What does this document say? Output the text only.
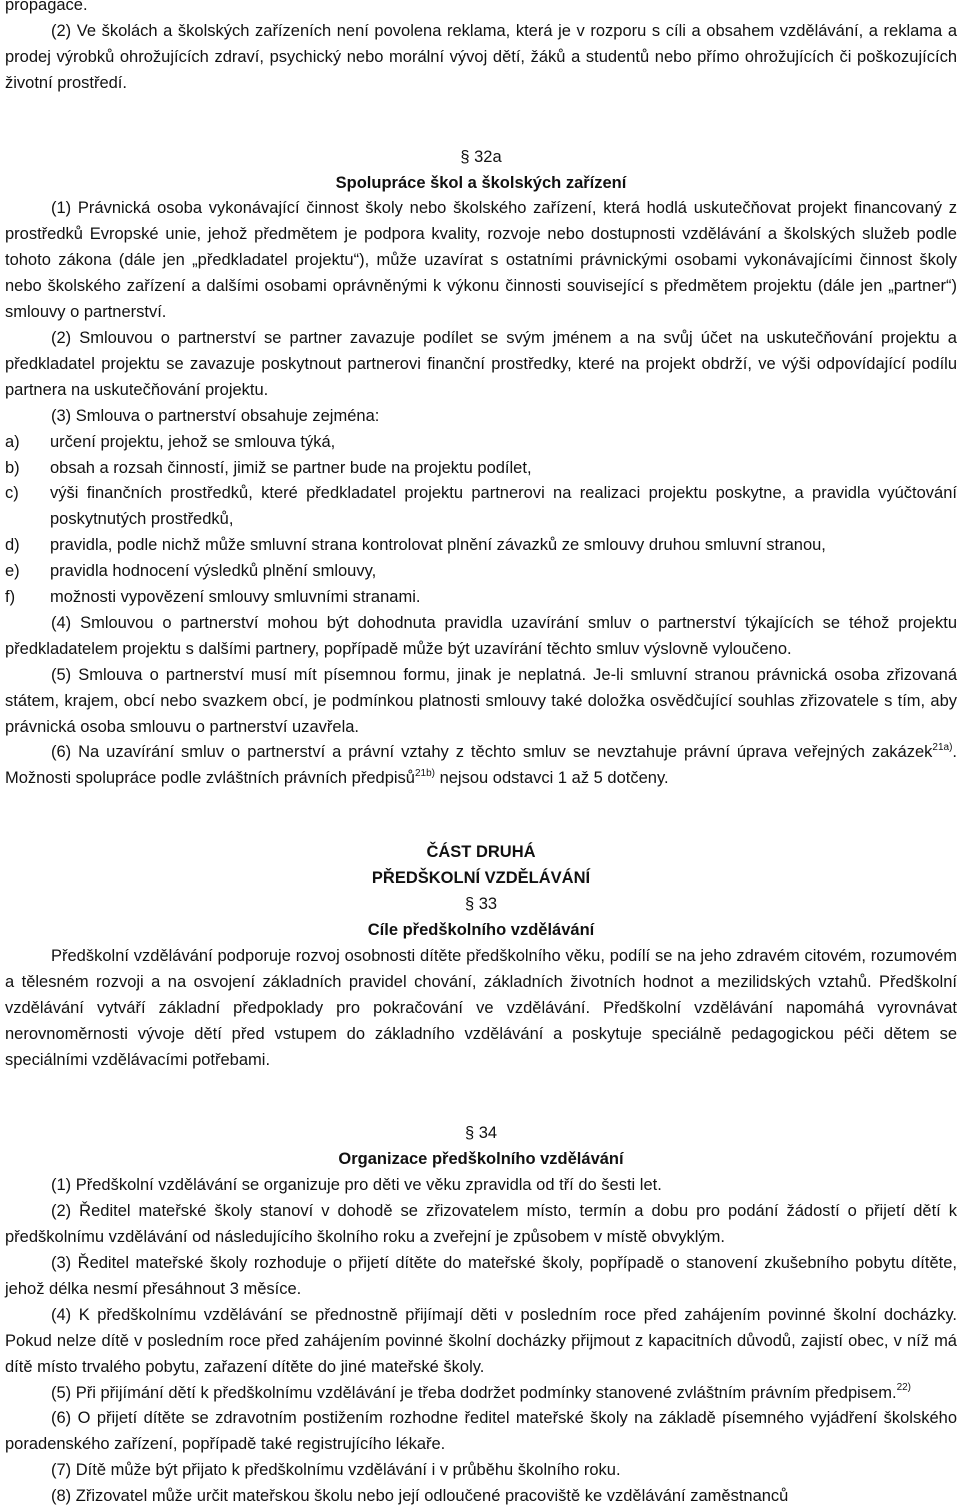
propagace.

(2) Ve školách a školských zařízeních není povolena reklama, která je v rozporu s cíli a obsahem vzdělávání, a reklama a prodej výrobků ohrožujících zdraví, psychický nebo morální vývoj dětí, žáků a studentů nebo přímo ohrožujících či poškozujících životní prostředí.

§ 32a

Spolupráce škol a školských zařízení

(1) Právnická osoba vykonávající činnost školy nebo školského zařízení, která hodlá uskutečňovat projekt financovaný z prostředků Evropské unie, jehož předmětem je podpora kvality, rozvoje nebo dostupnosti vzdělávání a školských služeb podle tohoto zákona (dále jen „předkladatel projektu“), může uzavírat s ostatními právnickými osobami vykonávajícími činnost školy nebo školského zařízení a dalšími osobami oprávněnými k výkonu činnosti související s předmětem projektu (dále jen „partner“) smlouvy o partnerství.

(2) Smlouvou o partnerství se partner zavazuje podílet se svým jménem a na svůj účet na uskutečňování projektu a předkladatel projektu se zavazuje poskytnout partnerovi finanční prostředky, které na projekt obdrží, ve výši odpovídající podílu partnera na uskutečňování projektu.

(3) Smlouva o partnerství obsahuje zejména:

a)	určení projektu, jehož se smlouva týká,
b)	obsah a rozsah činností, jimiž se partner bude na projektu podílet,
c)	výši finančních prostředků, které předkladatel projektu partnerovi na realizaci projektu poskytne, a pravidla vyúčtování poskytnutých prostředků,
d)	pravidla, podle nichž může smluvní strana kontrolovat plnění závazků ze smlouvy druhou smluvní stranou,
e)	pravidla hodnocení výsledků plnění smlouvy,
f)	možnosti vypovězení smlouvy smluvními stranami.

(4) Smlouvou o partnerství mohou být dohodnuta pravidla uzavírání smluv o partnerství týkajících se téhož projektu předkladatelem projektu s dalšími partnery, popřípadě může být uzavírání těchto smluv výslovně vyloučeno.

(5) Smlouva o partnerství musí mít písemnou formu, jinak je neplatná. Je-li smluvní stranou právnická osoba zřizovaná státem, krajem, obcí nebo svazkem obcí, je podmínkou platnosti smlouvy také doložka osvědčující souhlas zřizovatele s tím, aby právnická osoba smlouvu o partnerství uzavřela.

(6) Na uzavírání smluv o partnerství a právní vztahy z těchto smluv se nevztahuje právní úprava veřejných zakázek$^{21a)}$. Možnosti spolupráce podle zvláštních právních předpisů$^{21b)}$ nejsou odstavci 1 až 5 dotčeny.

ČÁST DRUHÁ

PŘEDŠKOLNÍ VZDĚLÁVÁNÍ

§ 33

Cíle předškolního vzdělávání

Předškolní vzdělávání podporuje rozvoj osobnosti dítěte předškolního věku, podílí se na jeho zdravém citovém, rozumovém a tělesném rozvoji a na osvojení základních pravidel chování, základních životních hodnot a mezilidských vztahů. Předškolní vzdělávání vytváří základní předpoklady pro pokračování ve vzdělávání. Předškolní vzdělávání napomáhá vyrovnávat nerovnoměrnosti vývoje dětí před vstupem do základního vzdělávání a poskytuje speciálně pedagogickou péči dětem se speciálními vzdělávacími potřebami.

§ 34

Organizace předškolního vzdělávání

(1) Předškolní vzdělávání se organizuje pro děti ve věku zpravidla od tří do šesti let.

(2) Ředitel mateřské školy stanoví v dohodě se zřizovatelem místo, termín a dobu pro podání žádostí o přijetí dětí k předškolnímu vzdělávání od následujícího školního roku a zveřejní je způsobem v místě obvyklým.

(3) Ředitel mateřské školy rozhoduje o přijetí dítěte do mateřské školy, popřípadě o stanovení zkušebního pobytu dítěte, jehož délka nesmí přesáhnout 3 měsíce.

(4) K předškolnímu vzdělávání se přednostně přijímají děti v posledním roce před zahájením povinné školní docházky. Pokud nelze dítě v posledním roce před zahájením povinné školní docházky přijmout z kapacitních důvodů, zajistí obec, v níž má dítě místo trvalého pobytu, zařazení dítěte do jiné mateřské školy.

(5) Při přijímání dětí k předškolnímu vzdělávání je třeba dodržet podmínky stanovené zvláštním právním předpisem.$^{22)}$

(6) O přijetí dítěte se zdravotním postižením rozhodne ředitel mateřské školy na základě písemného vyjádření školského poradenského zařízení, popřípadě také registrujícího lékaře.

(7) Dítě může být přijato k předškolnímu vzdělávání i v průběhu školního roku.

(8) Zřizovatel může určit mateřskou školu nebo její odloučené pracoviště ke vzdělávání zaměstnanců
